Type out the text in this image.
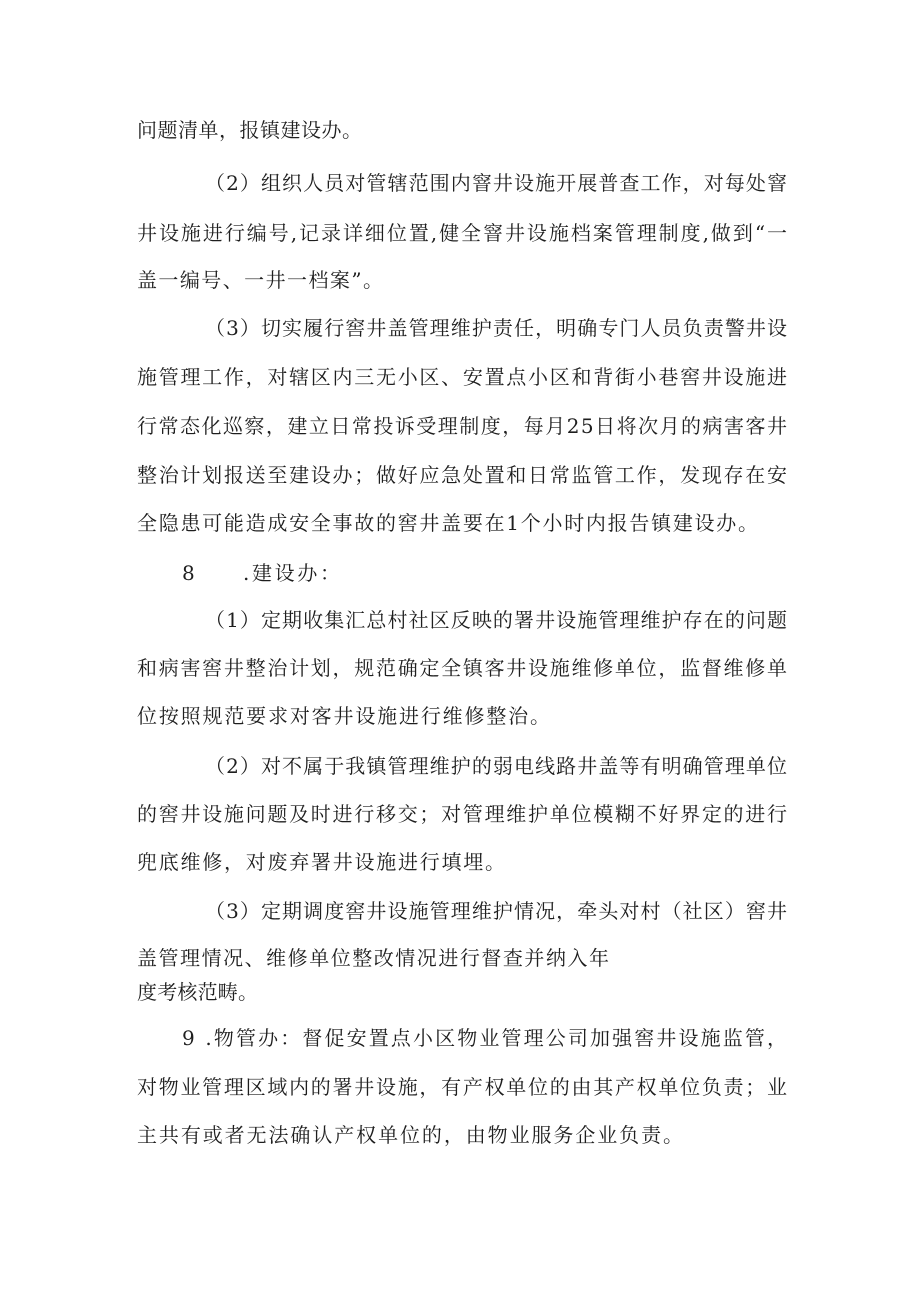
问题清单，报镇建设办。
（2）组织人员对管辖范围内窨井设施开展普查工作，对每处窨
井设施进行编号,记录详细位置,健全窨井设施档案管理制度,做到“一
盖一编号、一井一档案”。
（3）切实履行窖井盖管理维护责任，明确专门人员负责警井设
施管理工作，对辖区内三无小区、安置点小区和背街小巷窖井设施进
行常态化巡察，建立日常投诉受理制度，每月25日将次月的病害客井
整治计划报送至建设办；做好应急处置和日常监管工作，发现存在安
全隐患可能造成安全事故的窖井盖要在1个小时内报告镇建设办。
8 .建设办：
（1）定期收集汇总村社区反映的署井设施管理维护存在的问题
和病害窖井整治计划，规范确定全镇客井设施维修单位，监督维修单
位按照规范要求对客井设施进行维修整治。
（2）对不属于我镇管理维护的弱电线路井盖等有明确管理单位
的窖井设施问题及时进行移交；对管理维护单位模糊不好界定的进行
兜底维修，对废弃署井设施进行填埋。
（3）定期调度窖井设施管理维护情况，牵头对村（社区）窖井
盖管理情况、维修单位整改情况进行督查并纳入年
度考核范畴。
9 .物管办：督促安置点小区物业管理公司加强窖井设施监管，
对物业管理区域内的署井设施，有产权单位的由其产权单位负责；业
主共有或者无法确认产权单位的，由物业服务企业负责。
